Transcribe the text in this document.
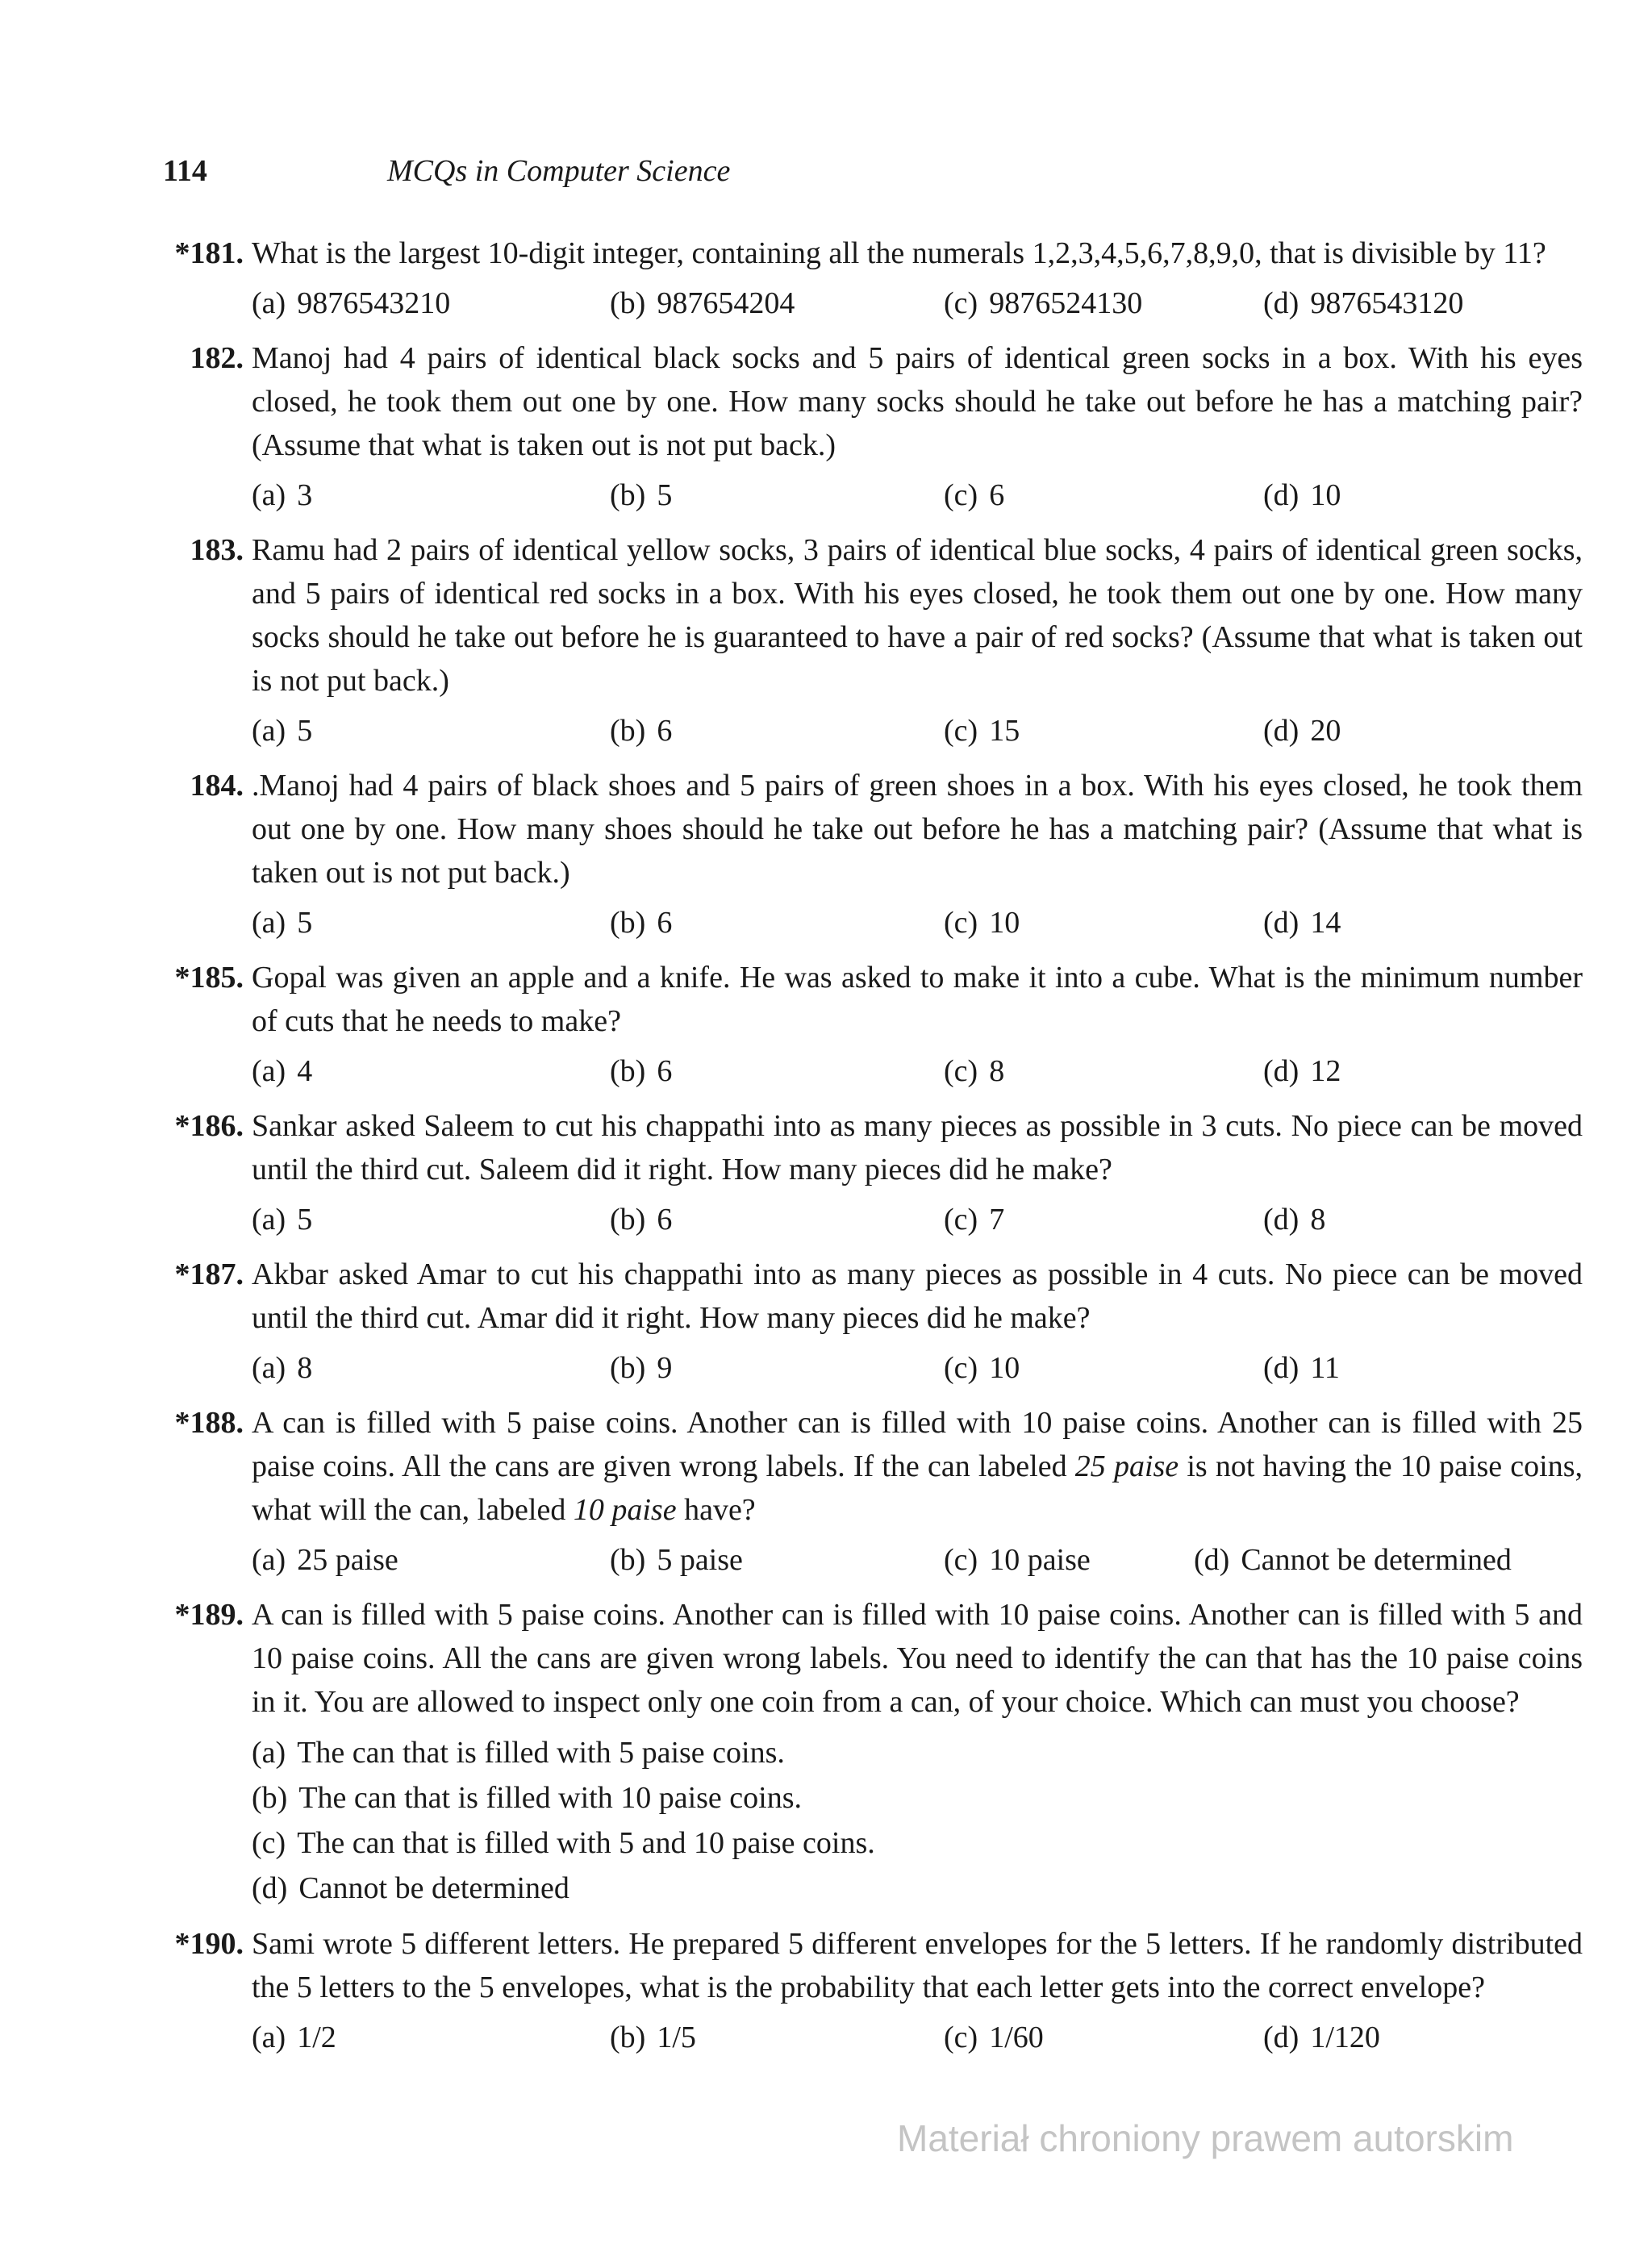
114	MCQs in Computer Science
*181. What is the largest 10-digit integer, containing all the numerals 1,2,3,4,5,6,7,8,9,0, that is divisible by 11?
(a) 9876543210	(b) 987654204	(c) 9876524130	(d) 9876543120
182. Manoj had 4 pairs of identical black socks and 5 pairs of identical green socks in a box. With his eyes closed, he took them out one by one. How many socks should he take out before he has a matching pair? (Assume that what is taken out is not put back.)
(a) 3	(b) 5	(c) 6	(d) 10
183. Ramu had 2 pairs of identical yellow socks, 3 pairs of identical blue socks, 4 pairs of identical green socks, and 5 pairs of identical red socks in a box. With his eyes closed, he took them out one by one. How many socks should he take out before he is guaranteed to have a pair of red socks? (Assume that what is taken out is not put back.)
(a) 5	(b) 6	(c) 15	(d) 20
184. .Manoj had 4 pairs of black shoes and 5 pairs of green shoes in a box. With his eyes closed, he took them out one by one. How many shoes should he take out before he has a matching pair? (Assume that what is taken out is not put back.)
(a) 5	(b) 6	(c) 10	(d) 14
*185. Gopal was given an apple and a knife. He was asked to make it into a cube. What is the minimum number of cuts that he needs to make?
(a) 4	(b) 6	(c) 8	(d) 12
*186. Sankar asked Saleem to cut his chappathi into as many pieces as possible in 3 cuts. No piece can be moved until the third cut. Saleem did it right. How many pieces did he make?
(a) 5	(b) 6	(c) 7	(d) 8
*187. Akbar asked Amar to cut his chappathi into as many pieces as possible in 4 cuts. No piece can be moved until the third cut. Amar did it right. How many pieces did he make?
(a) 8	(b) 9	(c) 10	(d) 11
*188. A can is filled with 5 paise coins. Another can is filled with 10 paise coins. Another can is filled with 25 paise coins. All the cans are given wrong labels. If the can labeled 25 paise is not having the 10 paise coins, what will the can, labeled 10 paise have?
(a) 25 paise	(b) 5 paise	(c) 10 paise	(d) Cannot be determined
*189. A can is filled with 5 paise coins. Another can is filled with 10 paise coins. Another can is filled with 5 and 10 paise coins. All the cans are given wrong labels. You need to identify the can that has the 10 paise coins in it. You are allowed to inspect only one coin from a can, of your choice. Which can must you choose?
(a) The can that is filled with 5 paise coins.
(b) The can that is filled with 10 paise coins.
(c) The can that is filled with 5 and 10 paise coins.
(d) Cannot be determined
*190. Sami wrote 5 different letters. He prepared 5 different envelopes for the 5 letters. If he randomly distributed the 5 letters to the 5 envelopes, what is the probability that each letter gets into the correct envelope?
(a) 1/2	(b) 1/5	(c) 1/60	(d) 1/120
Materiał chroniony prawem autorskim
